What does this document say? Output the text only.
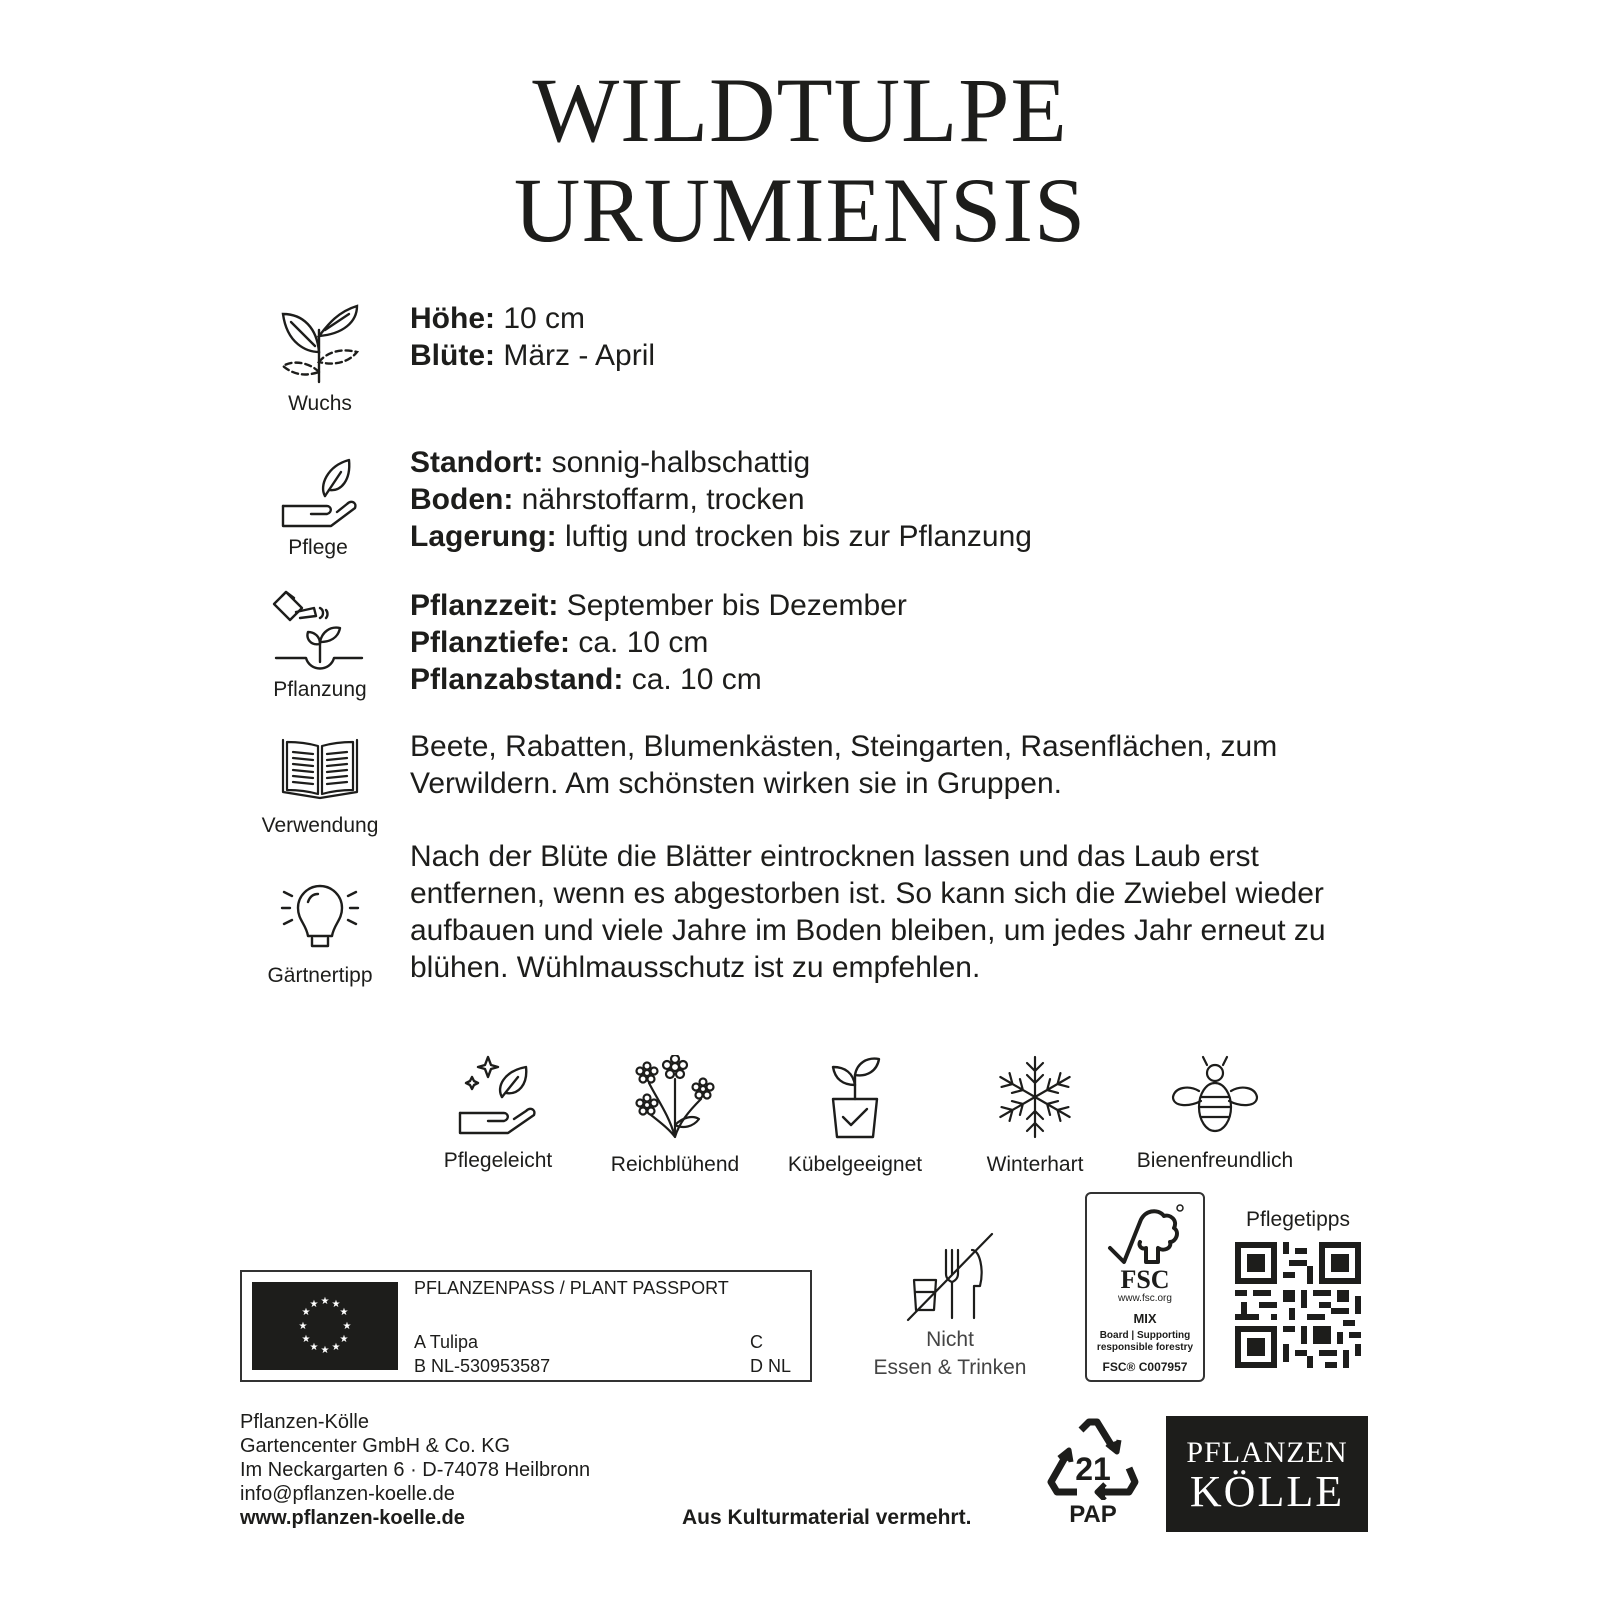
WILDTULPE
URUMIENSIS
Wuchs
Höhe: 10 cm
Blüte: März - April
Pflege
Standort: sonnig-halbschattig
Boden: nährstoffarm, trocken
Lagerung: luftig und trocken bis zur Pflanzung
Pflanzung
Pflanzzeit: September bis Dezember
Pflanztiefe: ca. 10 cm
Pflanzabstand: ca. 10 cm
Verwendung
Beete, Rabatten, Blumenkästen, Steingarten, Rasenflächen, zum Verwildern. Am schönsten wirken sie in Gruppen.
Gärtnertipp
Nach der Blüte die Blätter eintrocknen lassen und das Laub erst entfernen, wenn es abgestorben ist. So kann sich die Zwiebel wieder aufbauen und viele Jahre im Boden bleiben, um jedes Jahr erneut zu blühen. Wühlmausschutz ist zu empfehlen.
Pflegeleicht	Reichblühend	Kübelgeeignet	Winterhart	Bienenfreundlich
★ ★
★
★
★
★
★
★
★
★
★
★
PFLANZENPASS / PLANT PASSPORT
A Tulipa
B NL-530953587
C
D NL
Nicht
Essen & Trinken
FSC
www.fsc.org
MIX
Board | Supporting
responsible forestry
FSC® C007957
Pflegetipps
Pflanzen-Kölle
Gartencenter GmbH & Co. KG
Im Neckargarten 6 · D-74078 Heilbronn
info@pflanzen-koelle.de
www.pflanzen-koelle.de	Aus Kulturmaterial vermehrt.
21
PAP
PFLANZEN
KÖLLE
